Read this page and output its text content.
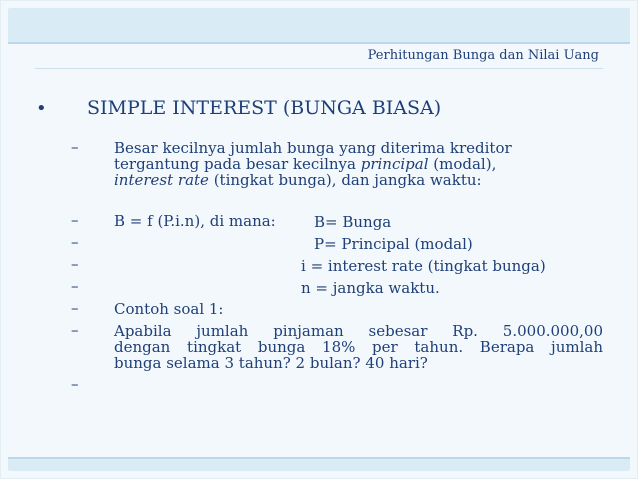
Perhitungan Bunga dan Nilai Uang
• SIMPLE INTEREST (BUNGA BIASA)
– Besar kecilnya jumlah bunga yang diterima kreditor
tergantung pada besar kecilnya principal (modal),
interest rate (tingkat bunga), dan jangka waktu:
– B = f (P.i.n), di mana:	B= Bunga
–	P= Principal (modal)
–	i = interest rate (tingkat bunga)
–	n = jangka waktu.
– Contoh soal 1:
– Apabila jumlah pinjaman sebesar Rp. 5.000.000,00
dengan tingkat bunga 18% per tahun. Berapa jumlah
bunga selama 3 tahun? 2 bulan? 40 hari?
–
